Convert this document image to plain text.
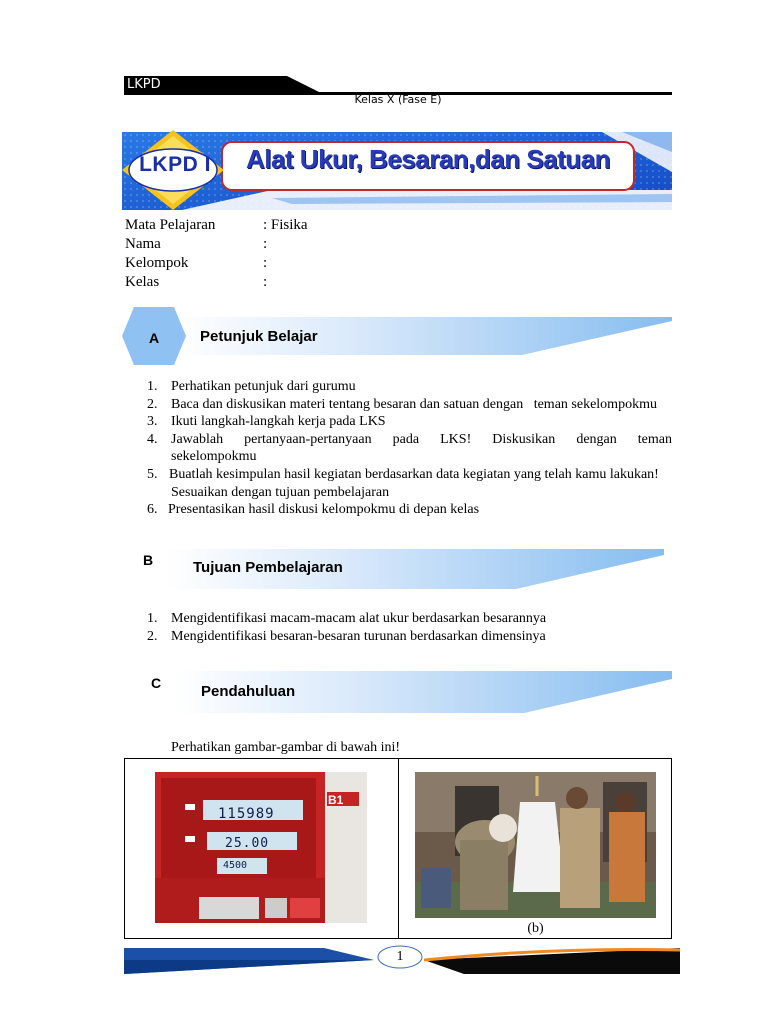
LKPD
Kelas X (Fase E)
LKPD I	Alat Ukur, Besaran,dan Satuan
Mata Pelajaran	: Fisika
Nama	:
Kelompok	:
Kelas	:
A	Petunjuk Belajar
1. Perhatikan petunjuk dari gurumu
2. Baca dan diskusikan materi tentang besaran dan satuan dengan   teman sekelompokmu
3. Ikuti langkah-langkah kerja pada LKS
4. Jawablah pertanyaan-pertanyaan pada LKS! Diskusikan dengan teman
sekelompokmu
5. Buatlah kesimpulan hasil kegiatan berdasarkan data kegiatan yang telah kamu lakukan!
Sesuaikan dengan tujuan pembelajaran
6. Presentasikan hasil diskusi kelompokmu di depan kelas
B	Tujuan Pembelajaran
1. Mengidentifikasi macam-macam alat ukur berdasarkan besarannya
2. Mengidentifikasi besaran-besaran turunan berdasarkan dimensinya
C	Pendahuluan
Perhatikan gambar-gambar di bawah ini!
115989
25.00
4500
B1
(b)
1
